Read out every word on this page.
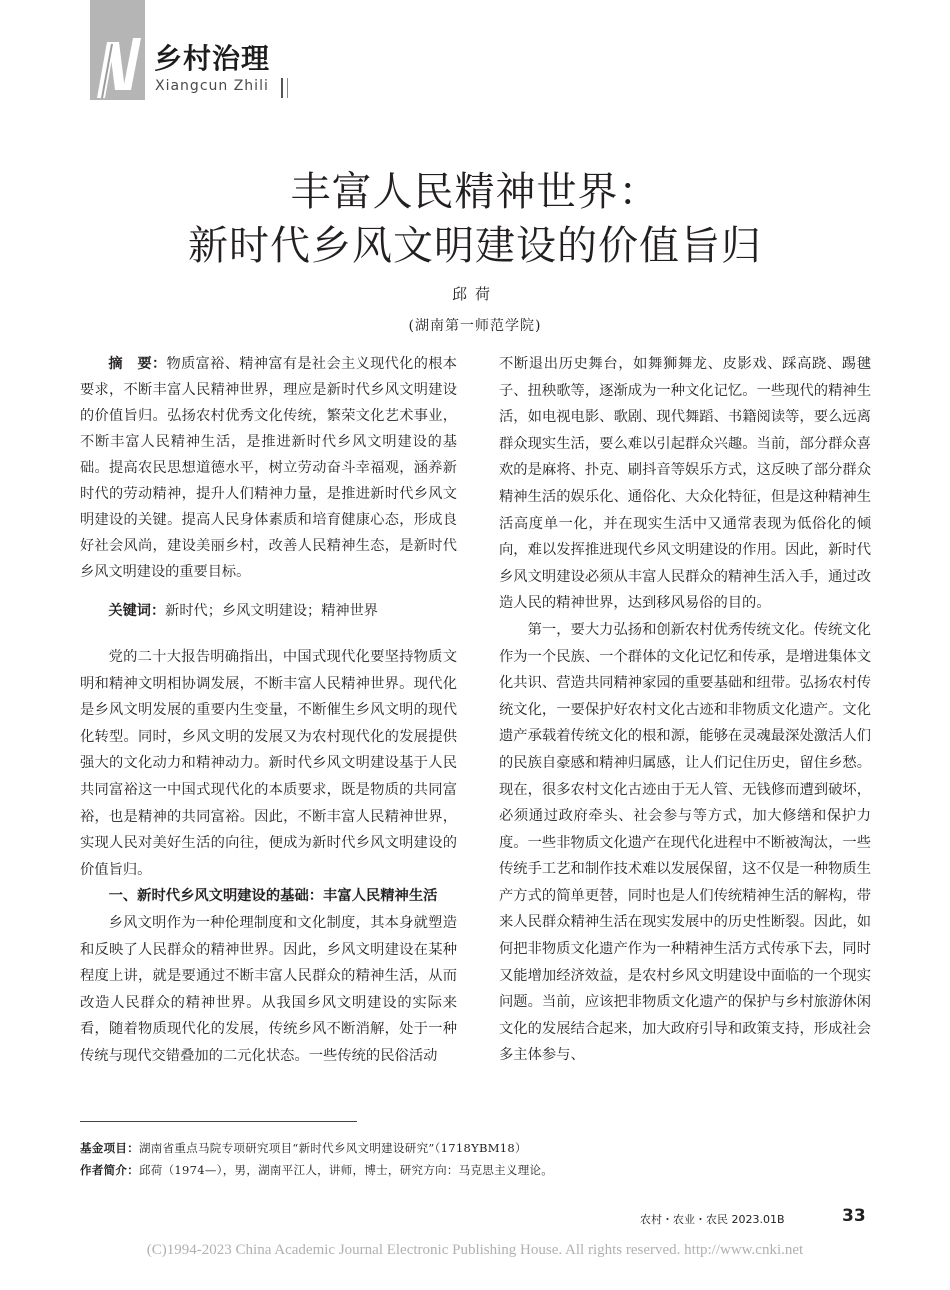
乡村治理
Xiangcun Zhili
丰富人民精神世界：
新时代乡风文明建设的价值旨归
邱荷
(湖南第一师范学院)

摘　要：物质富裕、精神富有是社会主义现代化的根本要求，不断丰富人民精神世界，理应是新时代乡风文明建设的价值旨归。弘扬农村优秀文化传统，繁荣文化艺术事业，不断丰富人民精神生活，是推进新时代乡风文明建设的基础。提高农民思想道德水平，树立劳动奋斗幸福观，涵养新时代的劳动精神，提升人们精神力量，是推进新时代乡风文明建设的关键。提高人民身体素质和培育健康心态，形成良好社会风尚，建设美丽乡村，改善人民精神生态，是新时代乡风文明建设的重要目标。

关键词：新时代；乡风文明建设；精神世界

党的二十大报告明确指出，中国式现代化要坚持物质文明和精神文明相协调发展，不断丰富人民精神世界。现代化是乡风文明发展的重要内生变量，不断催生乡风文明的现代化转型。同时，乡风文明的发展又为农村现代化的发展提供强大的文化动力和精神动力。新时代乡风文明建设基于人民共同富裕这一中国式现代化的本质要求，既是物质的共同富裕，也是精神的共同富裕。因此，不断丰富人民精神世界，实现人民对美好生活的向往，便成为新时代乡风文明建设的价值旨归。

一、新时代乡风文明建设的基础：丰富人民精神生活

乡风文明作为一种伦理制度和文化制度，其本身就塑造和反映了人民群众的精神世界。因此，乡风文明建设在某种程度上讲，就是要通过不断丰富人民群众的精神生活，从而改造人民群众的精神世界。从我国乡风文明建设的实际来看，随着物质现代化的发展，传统乡风不断消解，处于一种传统与现代交错叠加的二元化状态。一些传统的民俗活动

不断退出历史舞台，如舞狮舞龙、皮影戏、踩高跷、踢毽子、扭秧歌等，逐渐成为一种文化记忆。一些现代的精神生活，如电视电影、歌剧、现代舞蹈、书籍阅读等，要么远离群众现实生活，要么难以引起群众兴趣。当前，部分群众喜欢的是麻将、扑克、刷抖音等娱乐方式，这反映了部分群众精神生活的娱乐化、通俗化、大众化特征，但是这种精神生活高度单一化，并在现实生活中又通常表现为低俗化的倾向，难以发挥推进现代乡风文明建设的作用。因此，新时代乡风文明建设必须从丰富人民群众的精神生活入手，通过改造人民的精神世界，达到移风易俗的目的。

第一，要大力弘扬和创新农村优秀传统文化。传统文化作为一个民族、一个群体的文化记忆和传承，是增进集体文化共识、营造共同精神家园的重要基础和纽带。弘扬农村传统文化，一要保护好农村文化古迹和非物质文化遗产。文化遗产承载着传统文化的根和源，能够在灵魂最深处激活人们的民族自豪感和精神归属感，让人们记住历史，留住乡愁。现在，很多农村文化古迹由于无人管、无钱修而遭到破坏，必须通过政府牵头、社会参与等方式，加大修缮和保护力度。一些非物质文化遗产在现代化进程中不断被淘汰，一些传统手工艺和制作技术难以发展保留，这不仅是一种物质生产方式的简单更替，同时也是人们传统精神生活的解构，带来人民群众精神生活在现实发展中的历史性断裂。因此，如何把非物质文化遗产作为一种精神生活方式传承下去，同时又能增加经济效益，是农村乡风文明建设中面临的一个现实问题。当前，应该把非物质文化遗产的保护与乡村旅游休闲文化的发展结合起来，加大政府引导和政策支持，形成社会多主体参与、

基金项目：湖南省重点马院专项研究项目“新时代乡风文明建设研究”（1718YBM18）
作者简介：邱荷（1974—），男，湖南平江人，讲师，博士，研究方向：马克思主义理论。
农村・农业・农民 2023.01B	33
(C)1994-2023 China Academic Journal Electronic Publishing House. All rights reserved. http://www.cnki.net
